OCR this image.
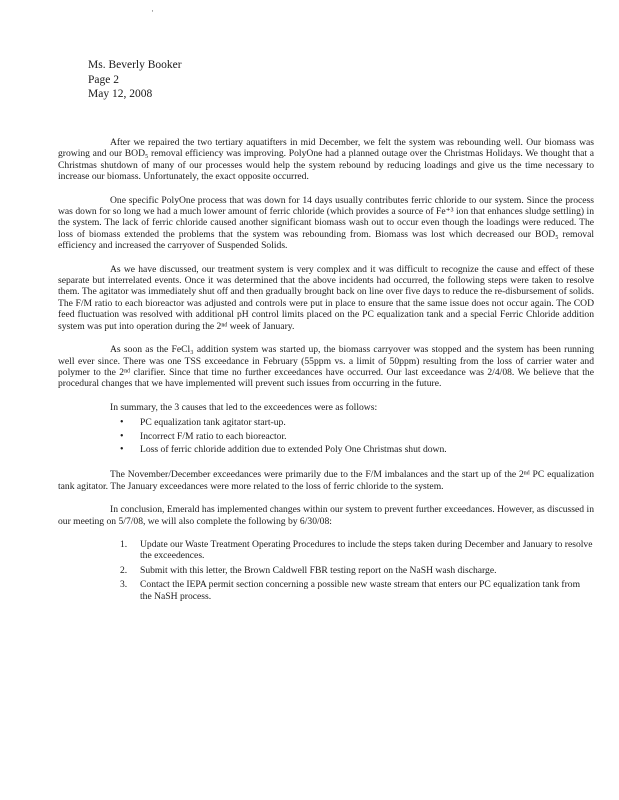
·
Ms. Beverly Booker
Page 2
May 12, 2008

After we repaired the two tertiary aquatifters in mid December, we felt the system was rebounding well. Our biomass was growing and our BOD₅ removal efficiency was improving. PolyOne had a planned outage over the Christmas Holidays. We thought that a Christmas shutdown of many of our processes would help the system rebound by reducing loadings and give us the time necessary to increase our biomass. Unfortunately, the exact opposite occurred.

One specific PolyOne process that was down for 14 days usually contributes ferric chloride to our system. Since the process was down for so long we had a much lower amount of ferric chloride (which provides a source of Fe⁺³ ion that enhances sludge settling) in the system. The lack of ferric chloride caused another significant biomass wash out to occur even though the loadings were reduced. The loss of biomass extended the problems that the system was rebounding from. Biomass was lost which decreased our BOD₅ removal efficiency and increased the carryover of Suspended Solids.

As we have discussed, our treatment system is very complex and it was difficult to recognize the cause and effect of these separate but interrelated events. Once it was determined that the above incidents had occurred, the following steps were taken to resolve them. The agitator was immediately shut off and then gradually brought back on line over five days to reduce the re-disbursement of solids. The F/M ratio to each bioreactor was adjusted and controls were put in place to ensure that the same issue does not occur again. The COD feed fluctuation was resolved with additional pH control limits placed on the PC equalization tank and a special Ferric Chloride addition system was put into operation during the 2ⁿᵈ week of January.

As soon as the FeCl₃ addition system was started up, the biomass carryover was stopped and the system has been running well ever since. There was one TSS exceedance in February (55ppm vs. a limit of 50ppm) resulting from the loss of carrier water and polymer to the 2ⁿᵈ clarifier. Since that time no further exceedances have occurred. Our last exceedance was 2/4/08. We believe that the procedural changes that we have implemented will prevent such issues from occurring in the future.

In summary, the 3 causes that led to the exceedences were as follows:

• PC equalization tank agitator start-up.
• Incorrect F/M ratio to each bioreactor.
• Loss of ferric chloride addition due to extended Poly One Christmas shut down.

The November/December exceedances were primarily due to the F/M imbalances and the start up of the 2ⁿᵈ PC equalization tank agitator. The January exceedances were more related to the loss of ferric chloride to the system.

In conclusion, Emerald has implemented changes within our system to prevent further exceedances. However, as discussed in our meeting on 5/7/08, we will also complete the following by 6/30/08:

1. Update our Waste Treatment Operating Procedures to include the steps taken during December and January to resolve the exceedences.
2. Submit with this letter, the Brown Caldwell FBR testing report on the NaSH wash discharge.
3. Contact the IEPA permit section concerning a possible new waste stream that enters our PC equalization tank from the NaSH process.
